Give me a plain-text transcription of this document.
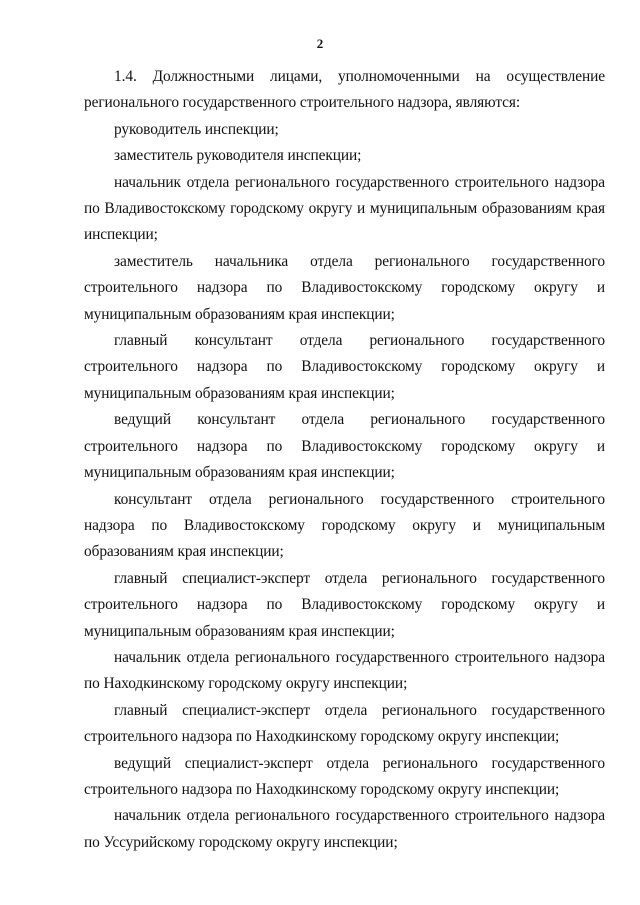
2

1.4. Должностными лицами, уполномоченными на осуществление регионального государственного строительного надзора, являются:

руководитель инспекции;

заместитель руководителя инспекции;

начальник отдела регионального государственного строительного надзора по Владивостокскому городскому округу и муниципальным образованиям края инспекции;

заместитель начальника отдела регионального государственного строительного надзора по Владивостокскому городскому округу и муниципальным образованиям края инспекции;

главный консультант отдела регионального государственного строительного надзора по Владивостокскому городскому округу и муниципальным образованиям края инспекции;

ведущий консультант отдела регионального государственного строительного надзора по Владивостокскому городскому округу и муниципальным образованиям края инспекции;

консультант отдела регионального государственного строительного надзора по Владивостокскому городскому округу и муниципальным образованиям края инспекции;

главный специалист-эксперт отдела регионального государственного строительного надзора по Владивостокскому городскому округу и муниципальным образованиям края инспекции;

начальник отдела регионального государственного строительного надзора по Находкинскому городскому округу инспекции;

главный специалист-эксперт отдела регионального государственного строительного надзора по Находкинскому городскому округу инспекции;

ведущий специалист-эксперт отдела регионального государственного строительного надзора по Находкинскому городскому округу инспекции;

начальник отдела регионального государственного строительного надзора по Уссурийскому городскому округу инспекции;
